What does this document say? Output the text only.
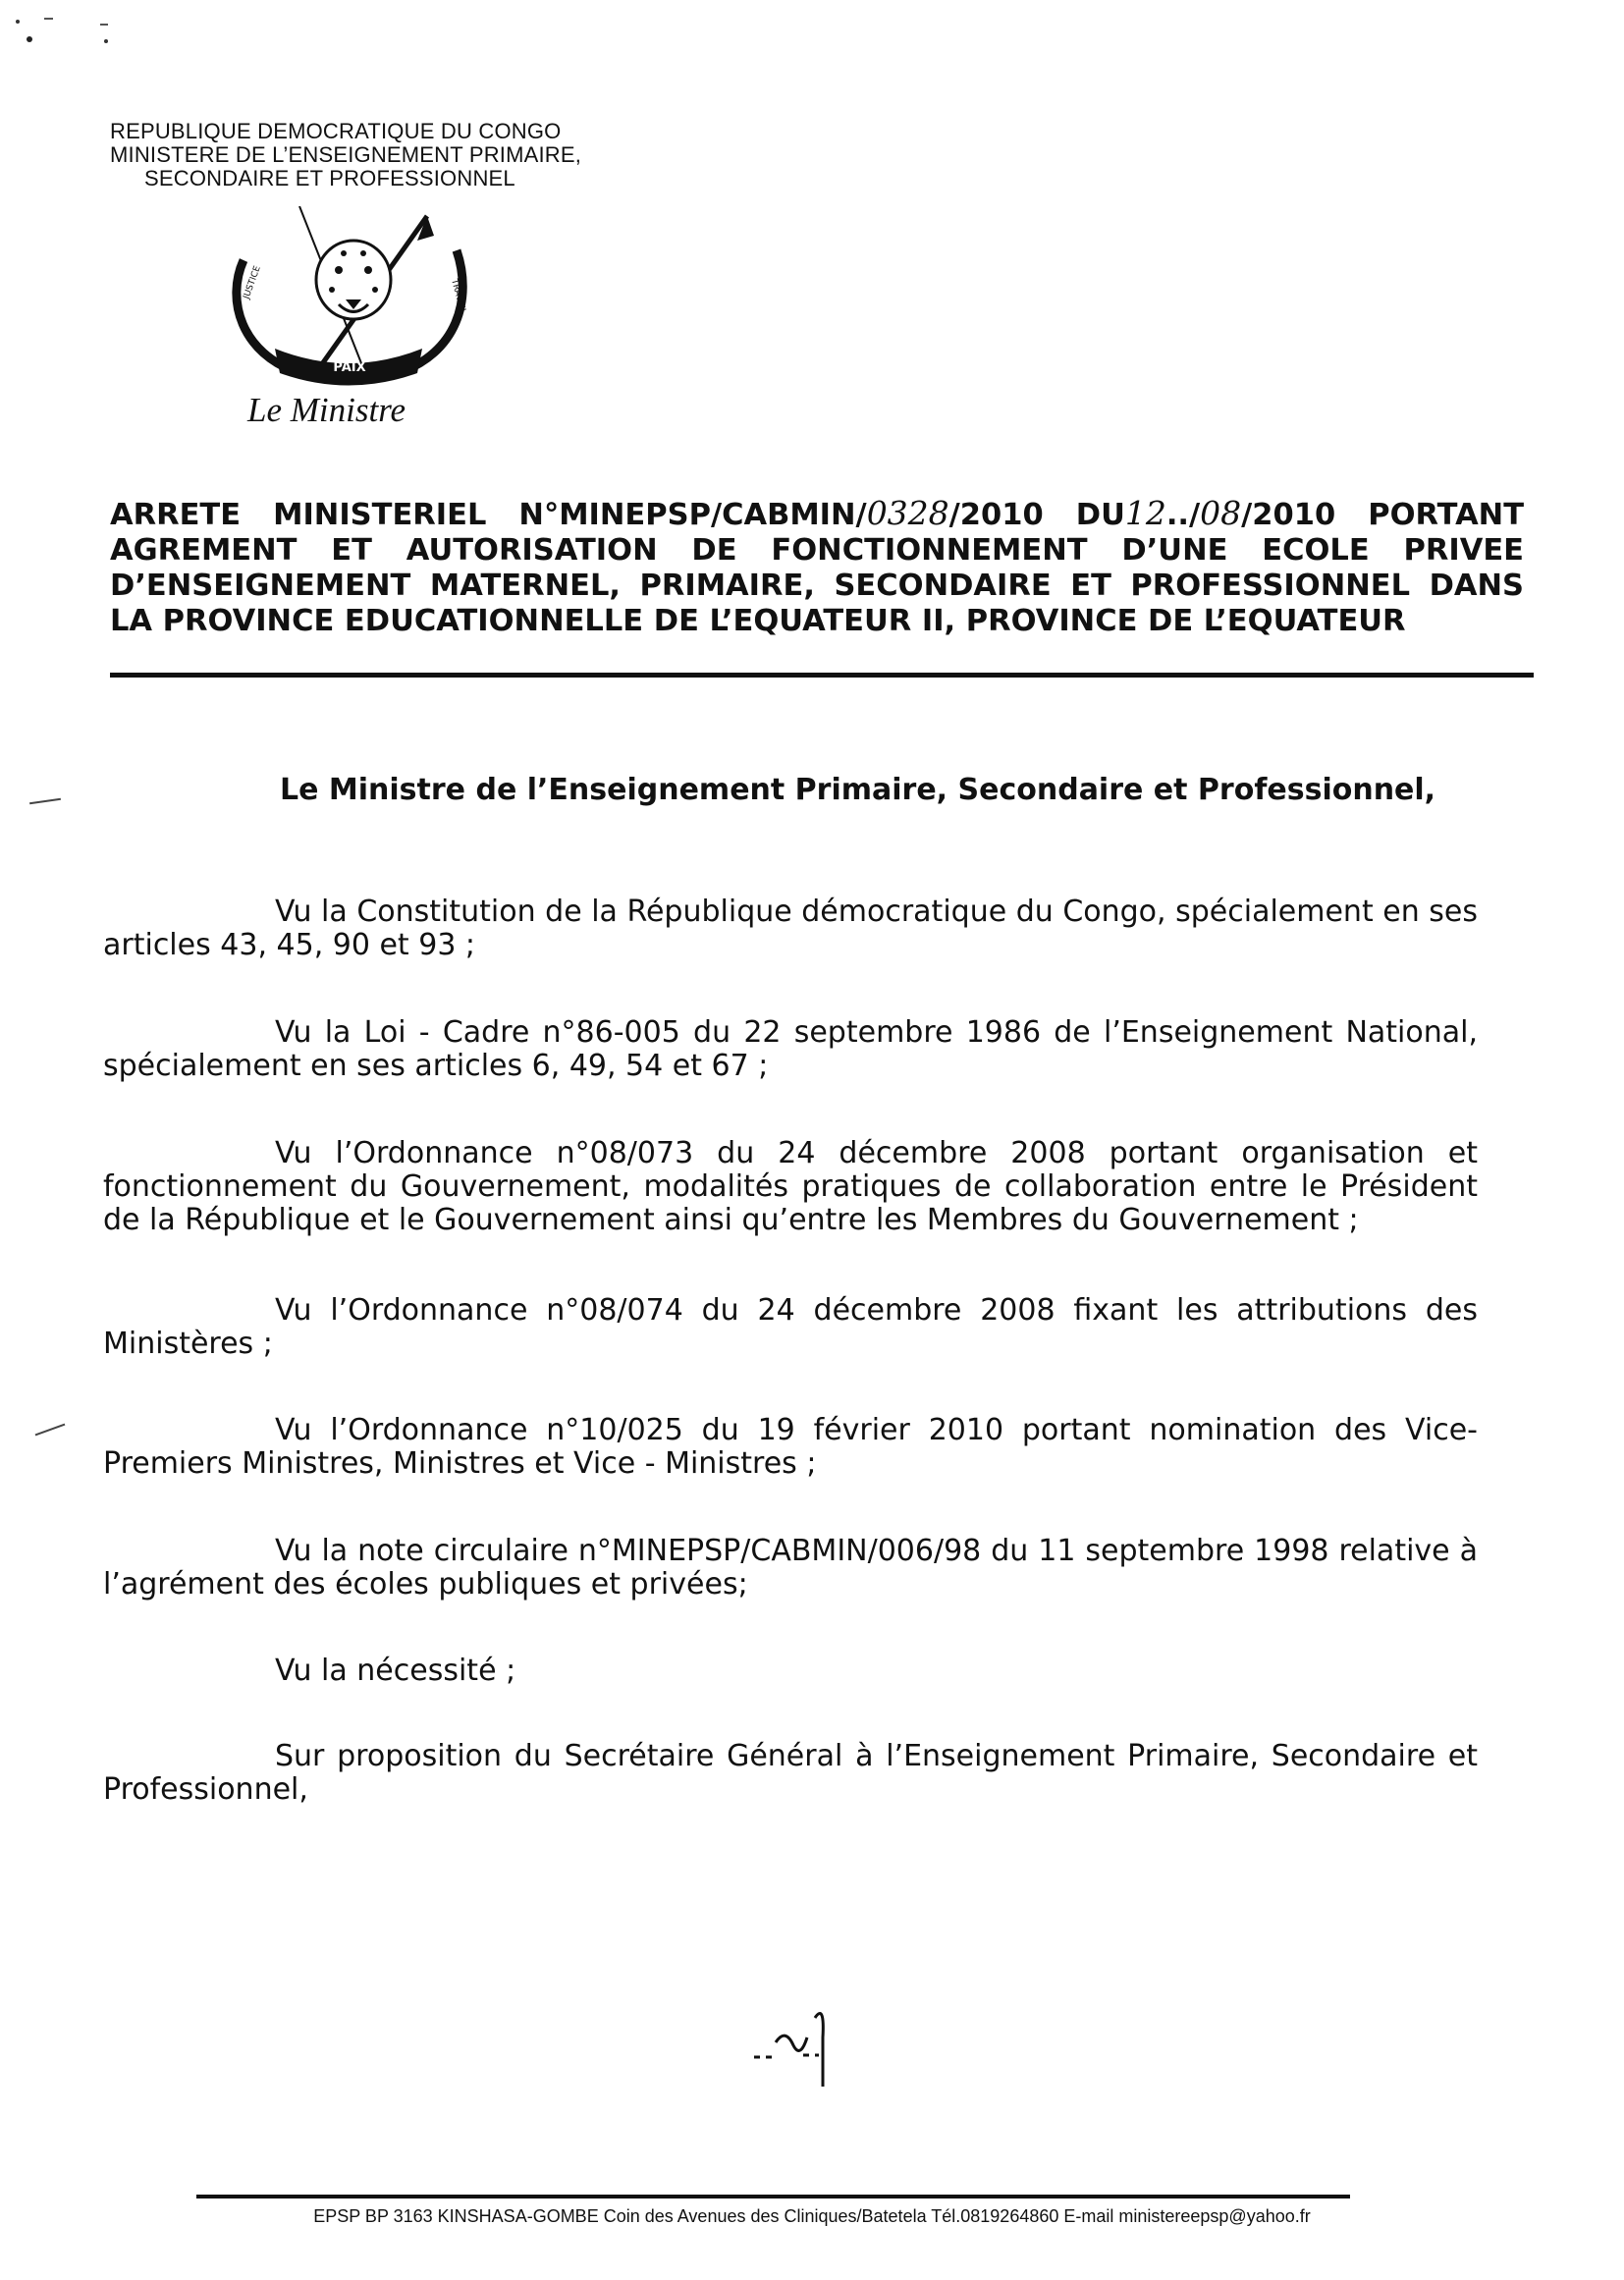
REPUBLIQUE DEMOCRATIQUE DU CONGO
MINISTERE DE L’ENSEIGNEMENT PRIMAIRE,
SECONDAIRE ET PROFESSIONNEL
PAIX
JUSTICE	TRAVAIL
Le Ministre
ARRETE MINISTERIEL N°MINEPSP/CABMIN/0328/2010 DU12../08/2010 PORTANT
AGREMENT ET AUTORISATION DE FONCTIONNEMENT D’UNE ECOLE PRIVEE
D’ENSEIGNEMENT MATERNEL, PRIMAIRE, SECONDAIRE ET PROFESSIONNEL DANS
LA PROVINCE EDUCATIONNELLE DE L’EQUATEUR II, PROVINCE DE L’EQUATEUR
Le Ministre de l’Enseignement Primaire, Secondaire et Professionnel,
Vu la Constitution de la République démocratique du Congo, spécialement en ses articles 43, 45, 90 et 93 ;
Vu la Loi - Cadre n°86-005 du 22 septembre 1986 de l’Enseignement National, spécialement en ses articles 6, 49, 54 et 67 ;
Vu l’Ordonnance n°08/073 du 24 décembre 2008 portant organisation et fonctionnement du Gouvernement, modalités pratiques de collaboration entre le Président de la République et le Gouvernement ainsi qu’entre les Membres du Gouvernement ;
Vu l’Ordonnance n°08/074 du 24 décembre 2008 fixant les attributions des Ministères ;
Vu l’Ordonnance n°10/025 du 19 février 2010 portant nomination des Vice-Premiers Ministres, Ministres et Vice - Ministres ;
Vu la note circulaire n°MINEPSP/CABMIN/006/98 du 11 septembre 1998 relative à l’agrément des écoles publiques et privées;
Vu la nécessité ;
Sur proposition du Secrétaire Général à l’Enseignement Primaire, Secondaire et Professionnel,
EPSP BP 3163 KINSHASA-GOMBE Coin des Avenues des Cliniques/Batetela Tél.0819264860 E-mail ministereepsp@yahoo.fr
